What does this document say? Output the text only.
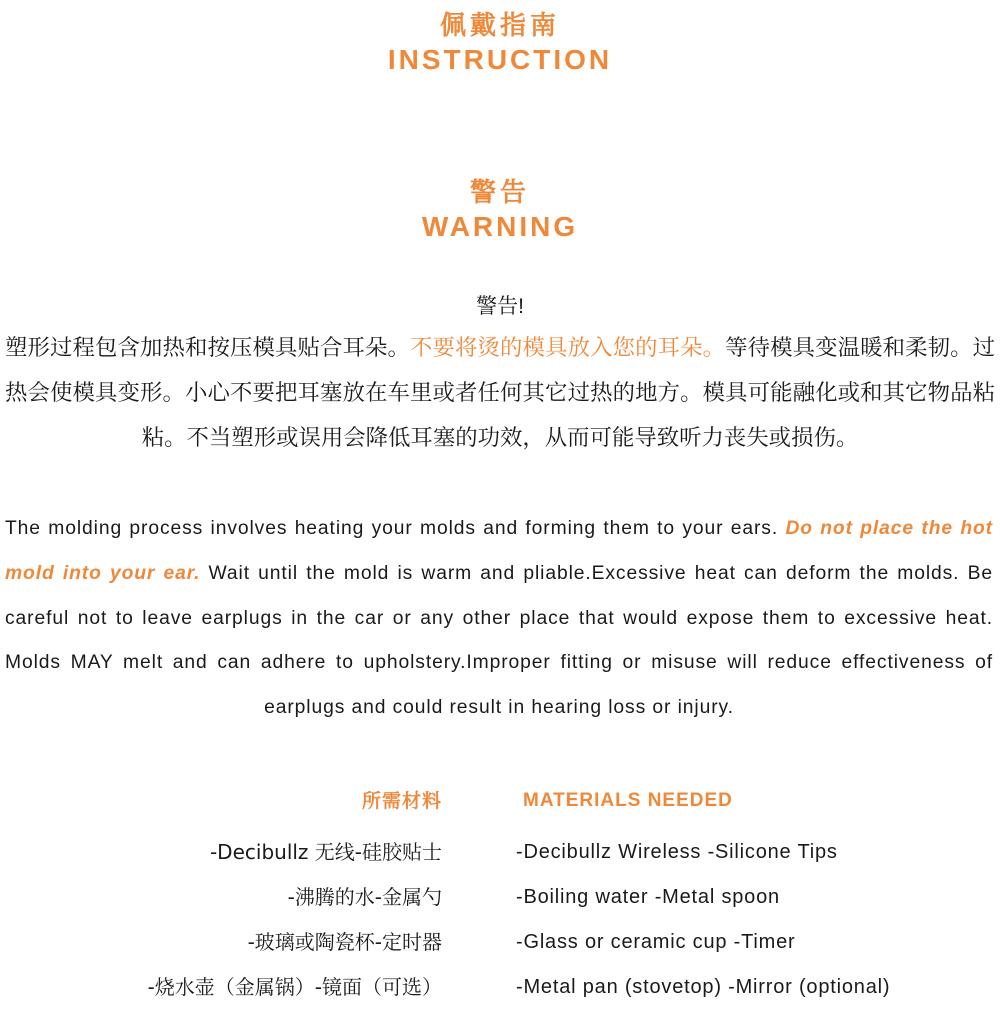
佩戴指南
INSTRUCTION
警告
WARNING
警告!
塑形过程包含加热和按压模具贴合耳朵。不要将烫的模具放入您的耳朵。等待模具变温暖和柔韧。过热会使模具变形。小心不要把耳塞放在车里或者任何其它过热的地方。模具可能融化或和其它物品粘粘。不当塑形或误用会降低耳塞的功效，从而可能导致听力丧失或损伤。
The molding process involves heating your molds and forming them to your ears. Do not place the hot mold into your ear. Wait until the mold is warm and pliable.Excessive heat can deform the molds. Be careful not to leave earplugs in the car or any other place that would expose them to excessive heat. Molds MAY melt and can adhere to upholstery.Improper fitting or misuse will reduce effectiveness of earplugs and could result in hearing loss or injury.
所需材料
-Decibullz 无线-硅胶贴士
-沸腾的水-金属勺
-玻璃或陶瓷杯-定时器
-烧水壶（金属锅）-镜面（可选）
MATERIALS NEEDED
-Decibullz Wireless -Silicone Tips
-Boiling water -Metal spoon
-Glass or ceramic cup -Timer
-Metal pan (stovetop) -Mirror (optional)
